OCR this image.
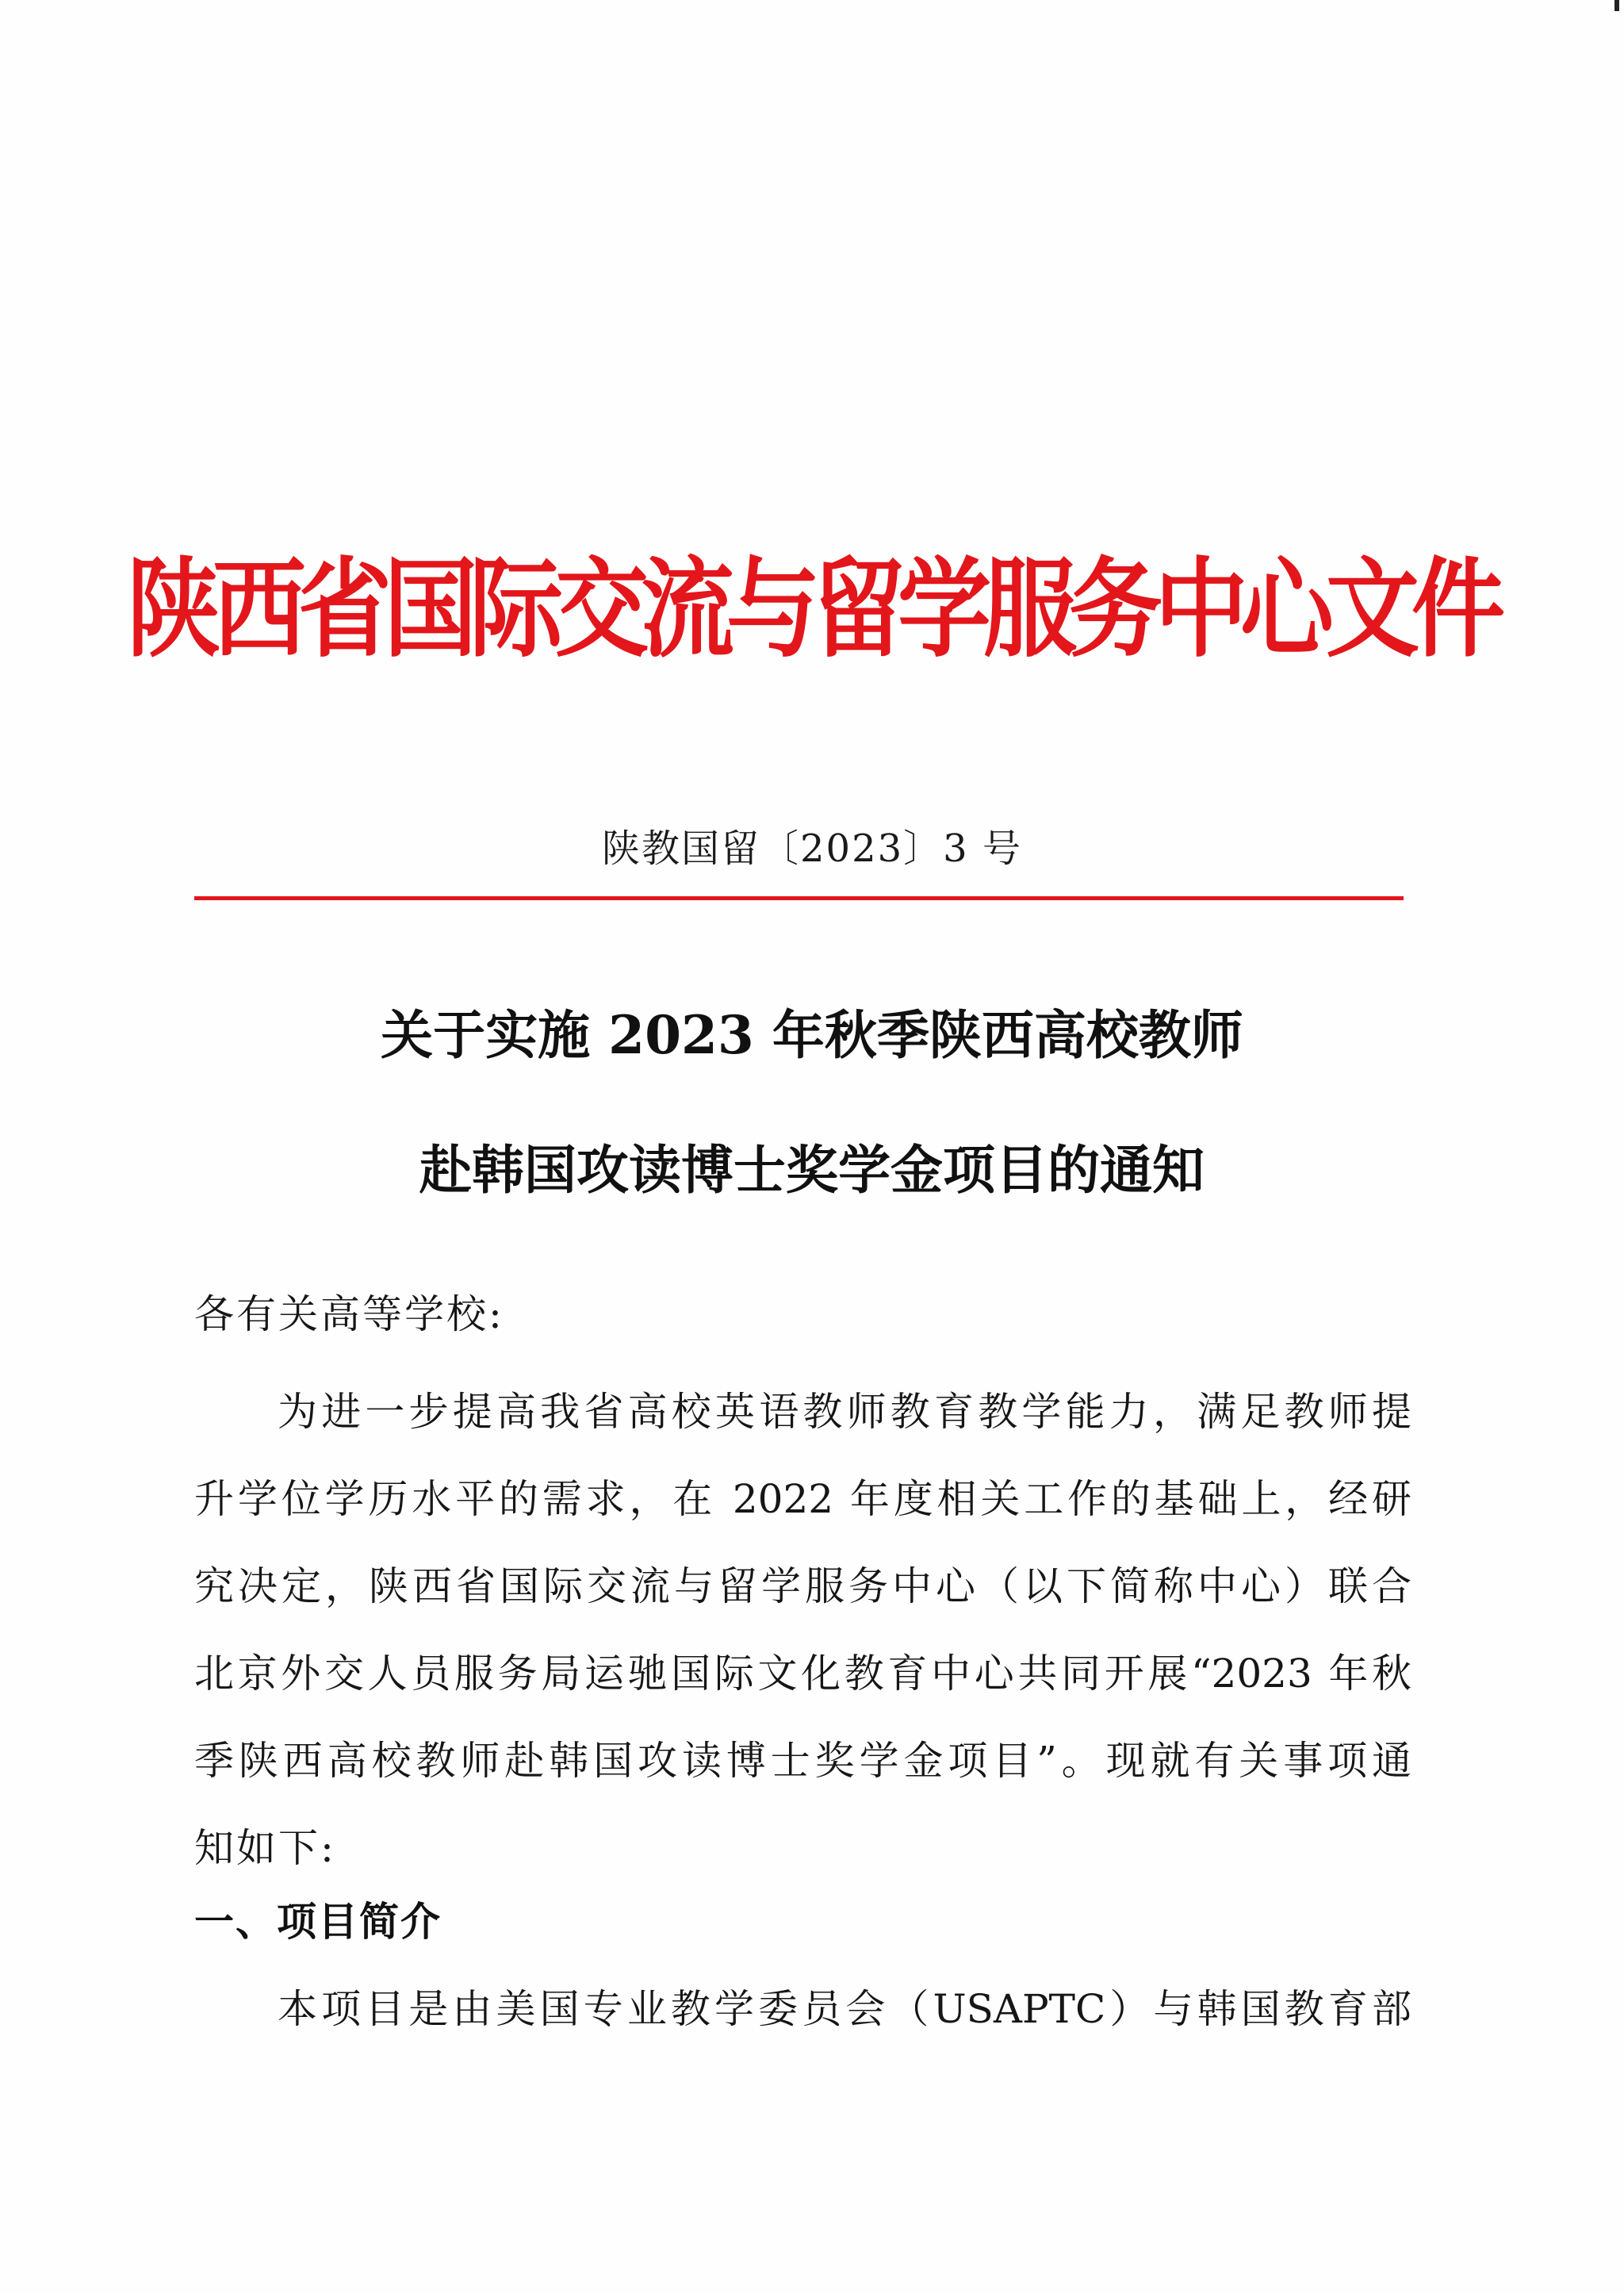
陕西省国际交流与留学服务中心文件
陕教国留〔2023〕3 号
关于实施 2023 年秋季陕西高校教师
赴韩国攻读博士奖学金项目的通知
各有关高等学校:
为进一步提高我省高校英语教师教育教学能力，满足教师提
升学位学历水平的需求，在 2022 年度相关工作的基础上，经研
究决定，陕西省国际交流与留学服务中心（以下简称中心）联合
北京外交人员服务局运驰国际文化教育中心共同开展“2023 年秋
季陕西高校教师赴韩国攻读博士奖学金项目”。现就有关事项通
知如下:
一、项目简介
本项目是由美国专业教学委员会（USAPTC）与韩国教育部
